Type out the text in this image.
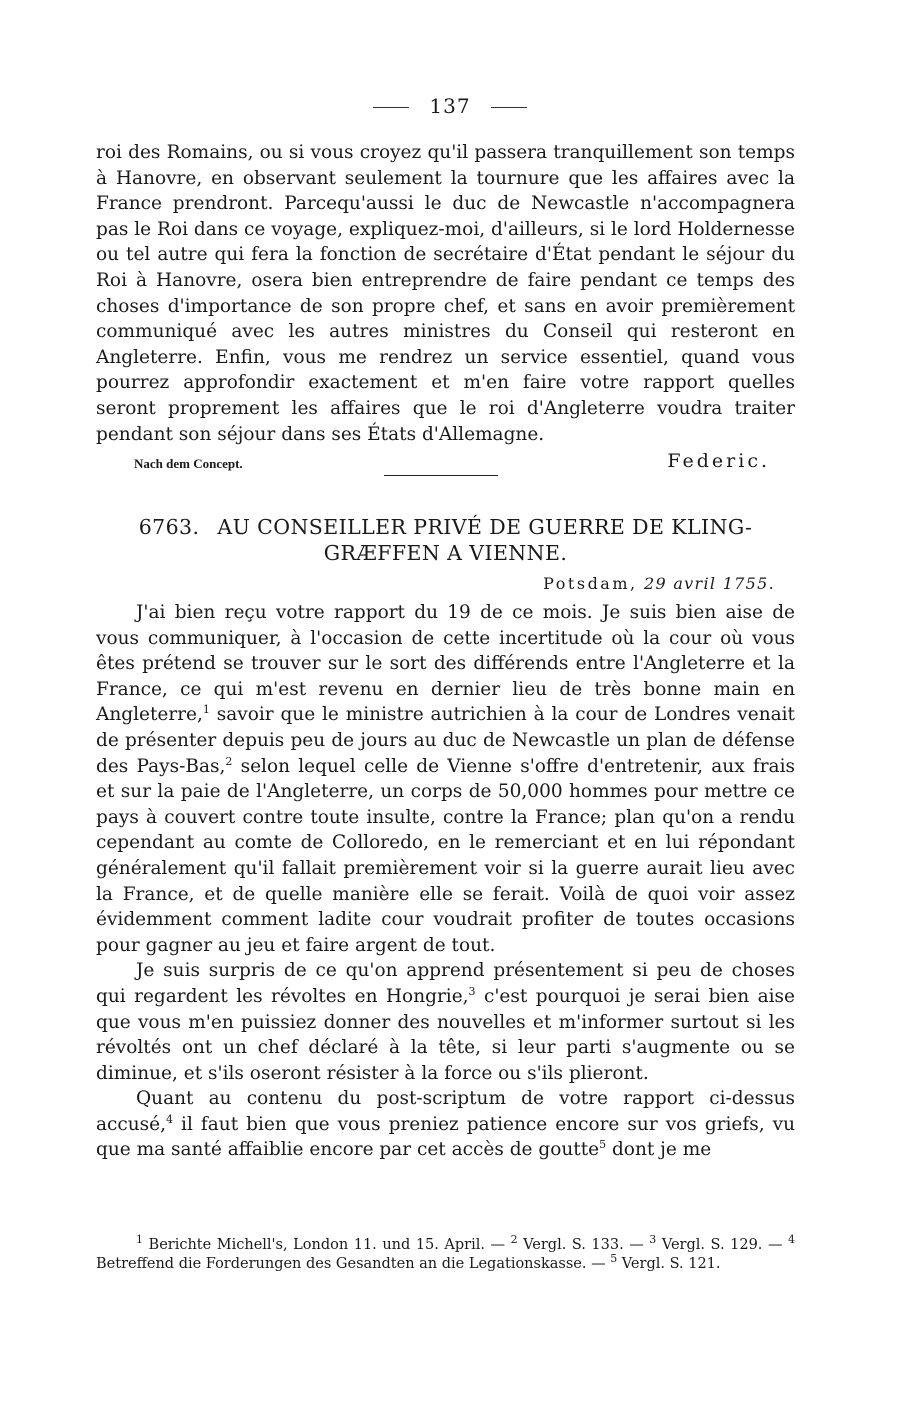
137

roi des Romains, ou si vous croyez qu'il passera tranquillement son temps à Hanovre, en observant seulement la tournure que les affaires avec la France prendront. Parcequ'aussi le duc de Newcastle n'accompagnera pas le Roi dans ce voyage, expliquez-moi, d'ailleurs, si le lord Holdernesse ou tel autre qui fera la fonction de secrétaire d'État pendant le séjour du Roi à Hanovre, osera bien entreprendre de faire pendant ce temps des choses d'importance de son propre chef, et sans en avoir premièrement communiqué avec les autres ministres du Conseil qui resteront en Angleterre. Enfin, vous me rendrez un service essentiel, quand vous pourrez approfondir exactement et m'en faire votre rapport quelles seront proprement les affaires que le roi d'Angleterre voudra traiter pendant son séjour dans ses États d'Allemagne.

Nach dem Concept.	Federic.
6763. AU CONSEILLER PRIVÉ DE GUERRE DE KLING-
GRÆFFEN A VIENNE.
Potsdam, 29 avril 1755.

J'ai bien reçu votre rapport du 19 de ce mois. Je suis bien aise de vous communiquer, à l'occasion de cette incertitude où la cour où vous êtes prétend se trouver sur le sort des différends entre l'Angleterre et la France, ce qui m'est revenu en dernier lieu de très bonne main en Angleterre,$^1$ savoir que le ministre autrichien à la cour de Londres venait de présenter depuis peu de jours au duc de Newcastle un plan de défense des Pays-Bas,$^2$ selon lequel celle de Vienne s'offre d'entretenir, aux frais et sur la paie de l'Angleterre, un corps de 50,000 hommes pour mettre ce pays à couvert contre toute insulte, contre la France; plan qu'on a rendu cependant au comte de Colloredo, en le remerciant et en lui répondant généralement qu'il fallait premièrement voir si la guerre aurait lieu avec la France, et de quelle manière elle se ferait. Voilà de quoi voir assez évidemment comment ladite cour voudrait profiter de toutes occasions pour gagner au jeu et faire argent de tout.

Je suis surpris de ce qu'on apprend présentement si peu de choses qui regardent les révoltes en Hongrie,$^3$ c'est pourquoi je serai bien aise que vous m'en puissiez donner des nouvelles et m'informer surtout si les révoltés ont un chef déclaré à la tête, si leur parti s'augmente ou se diminue, et s'ils oseront résister à la force ou s'ils plieront.

Quant au contenu du post-scriptum de votre rapport ci-dessus accusé,$^4$ il faut bien que vous preniez patience encore sur vos griefs, vu que ma santé affaiblie encore par cet accès de goutte$^5$ dont je me

$^1$ Berichte Michell's, London 11. und 15. April. — $^2$ Vergl. S. 133. — $^3$ Vergl. S. 129. — $^4$ Betreffend die Forderungen des Gesandten an die Legationskasse. — $^5$ Vergl. S. 121.
